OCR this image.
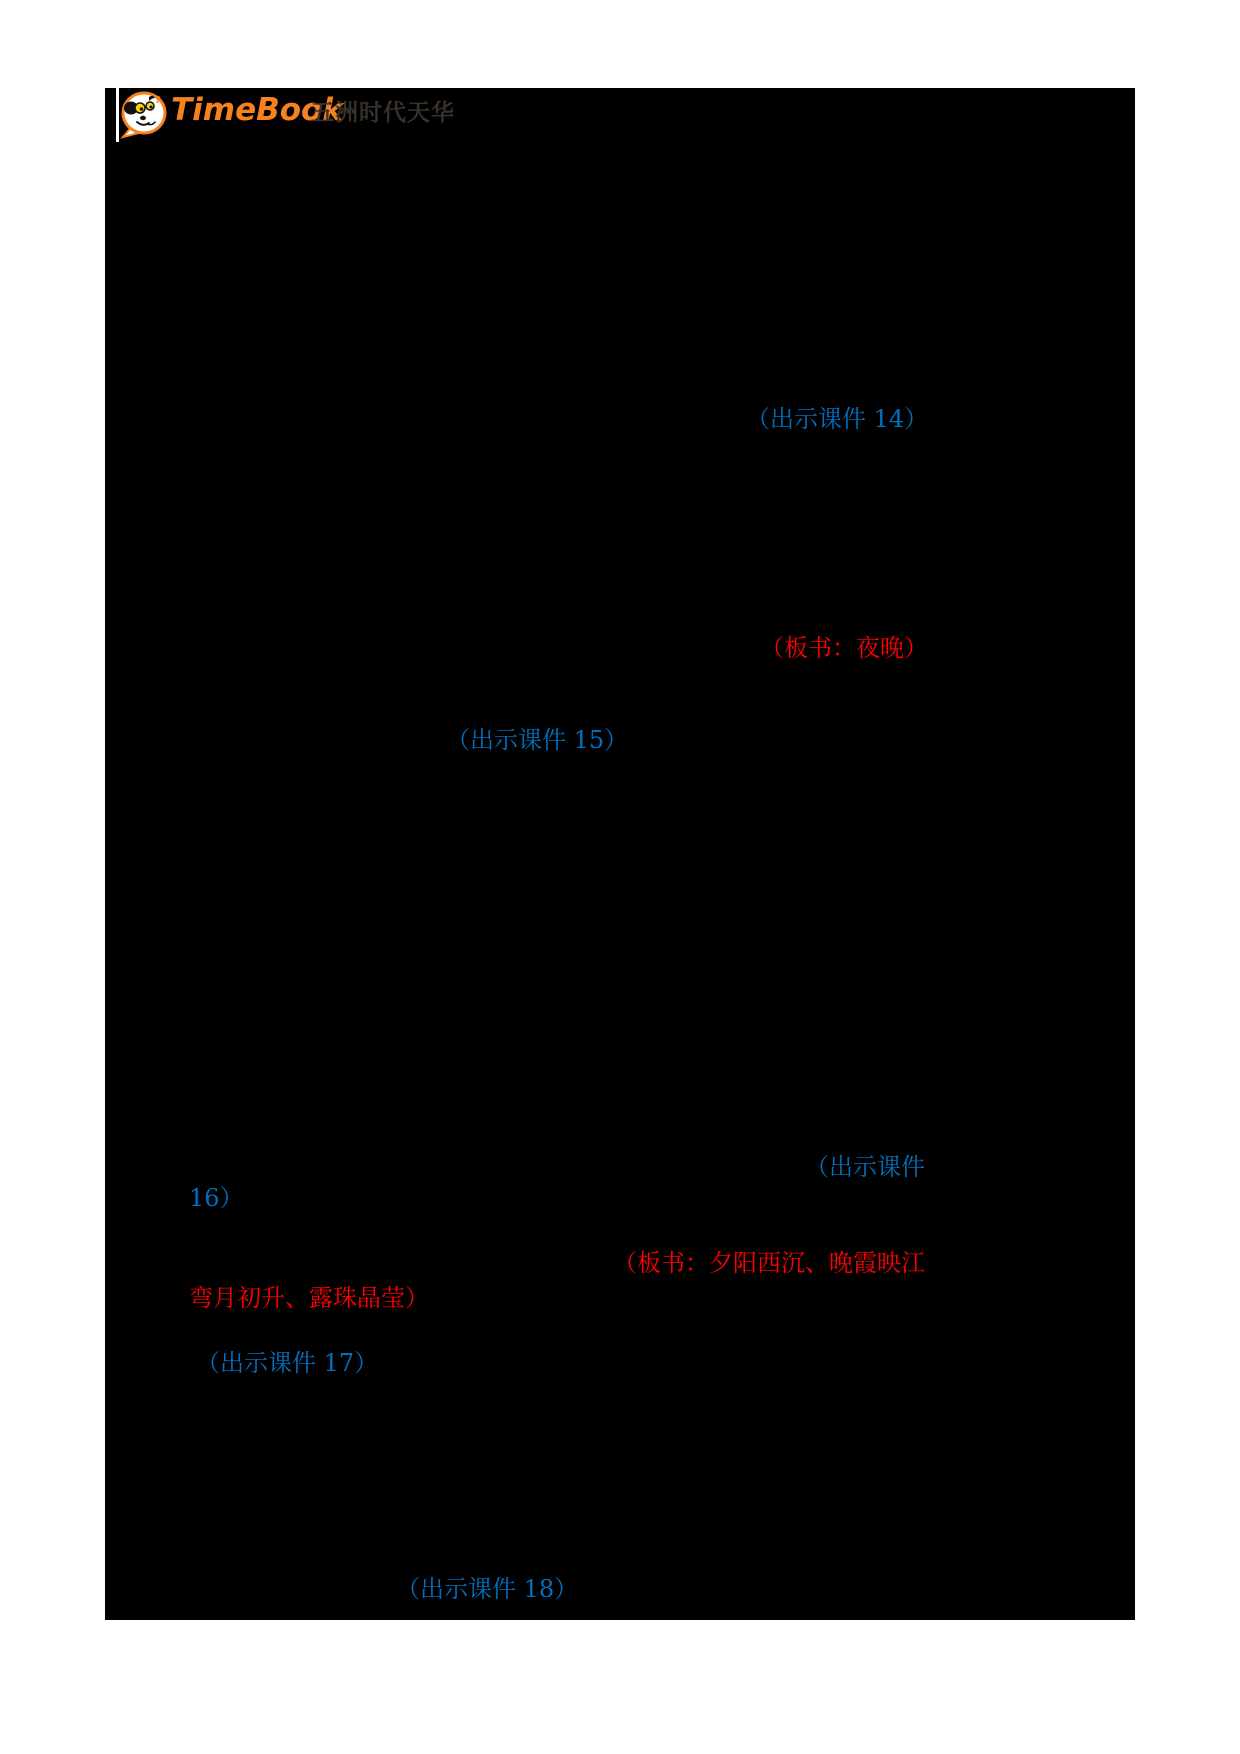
? TimeBook
五洲时代天华
（出示课件 14）
（板书：夜晚）
（出示课件 15）
（出示课件
16）
（板书：夕阳西沉、晚霞映江
弯月初升、露珠晶莹）
（出示课件 17）
（出示课件 18）
